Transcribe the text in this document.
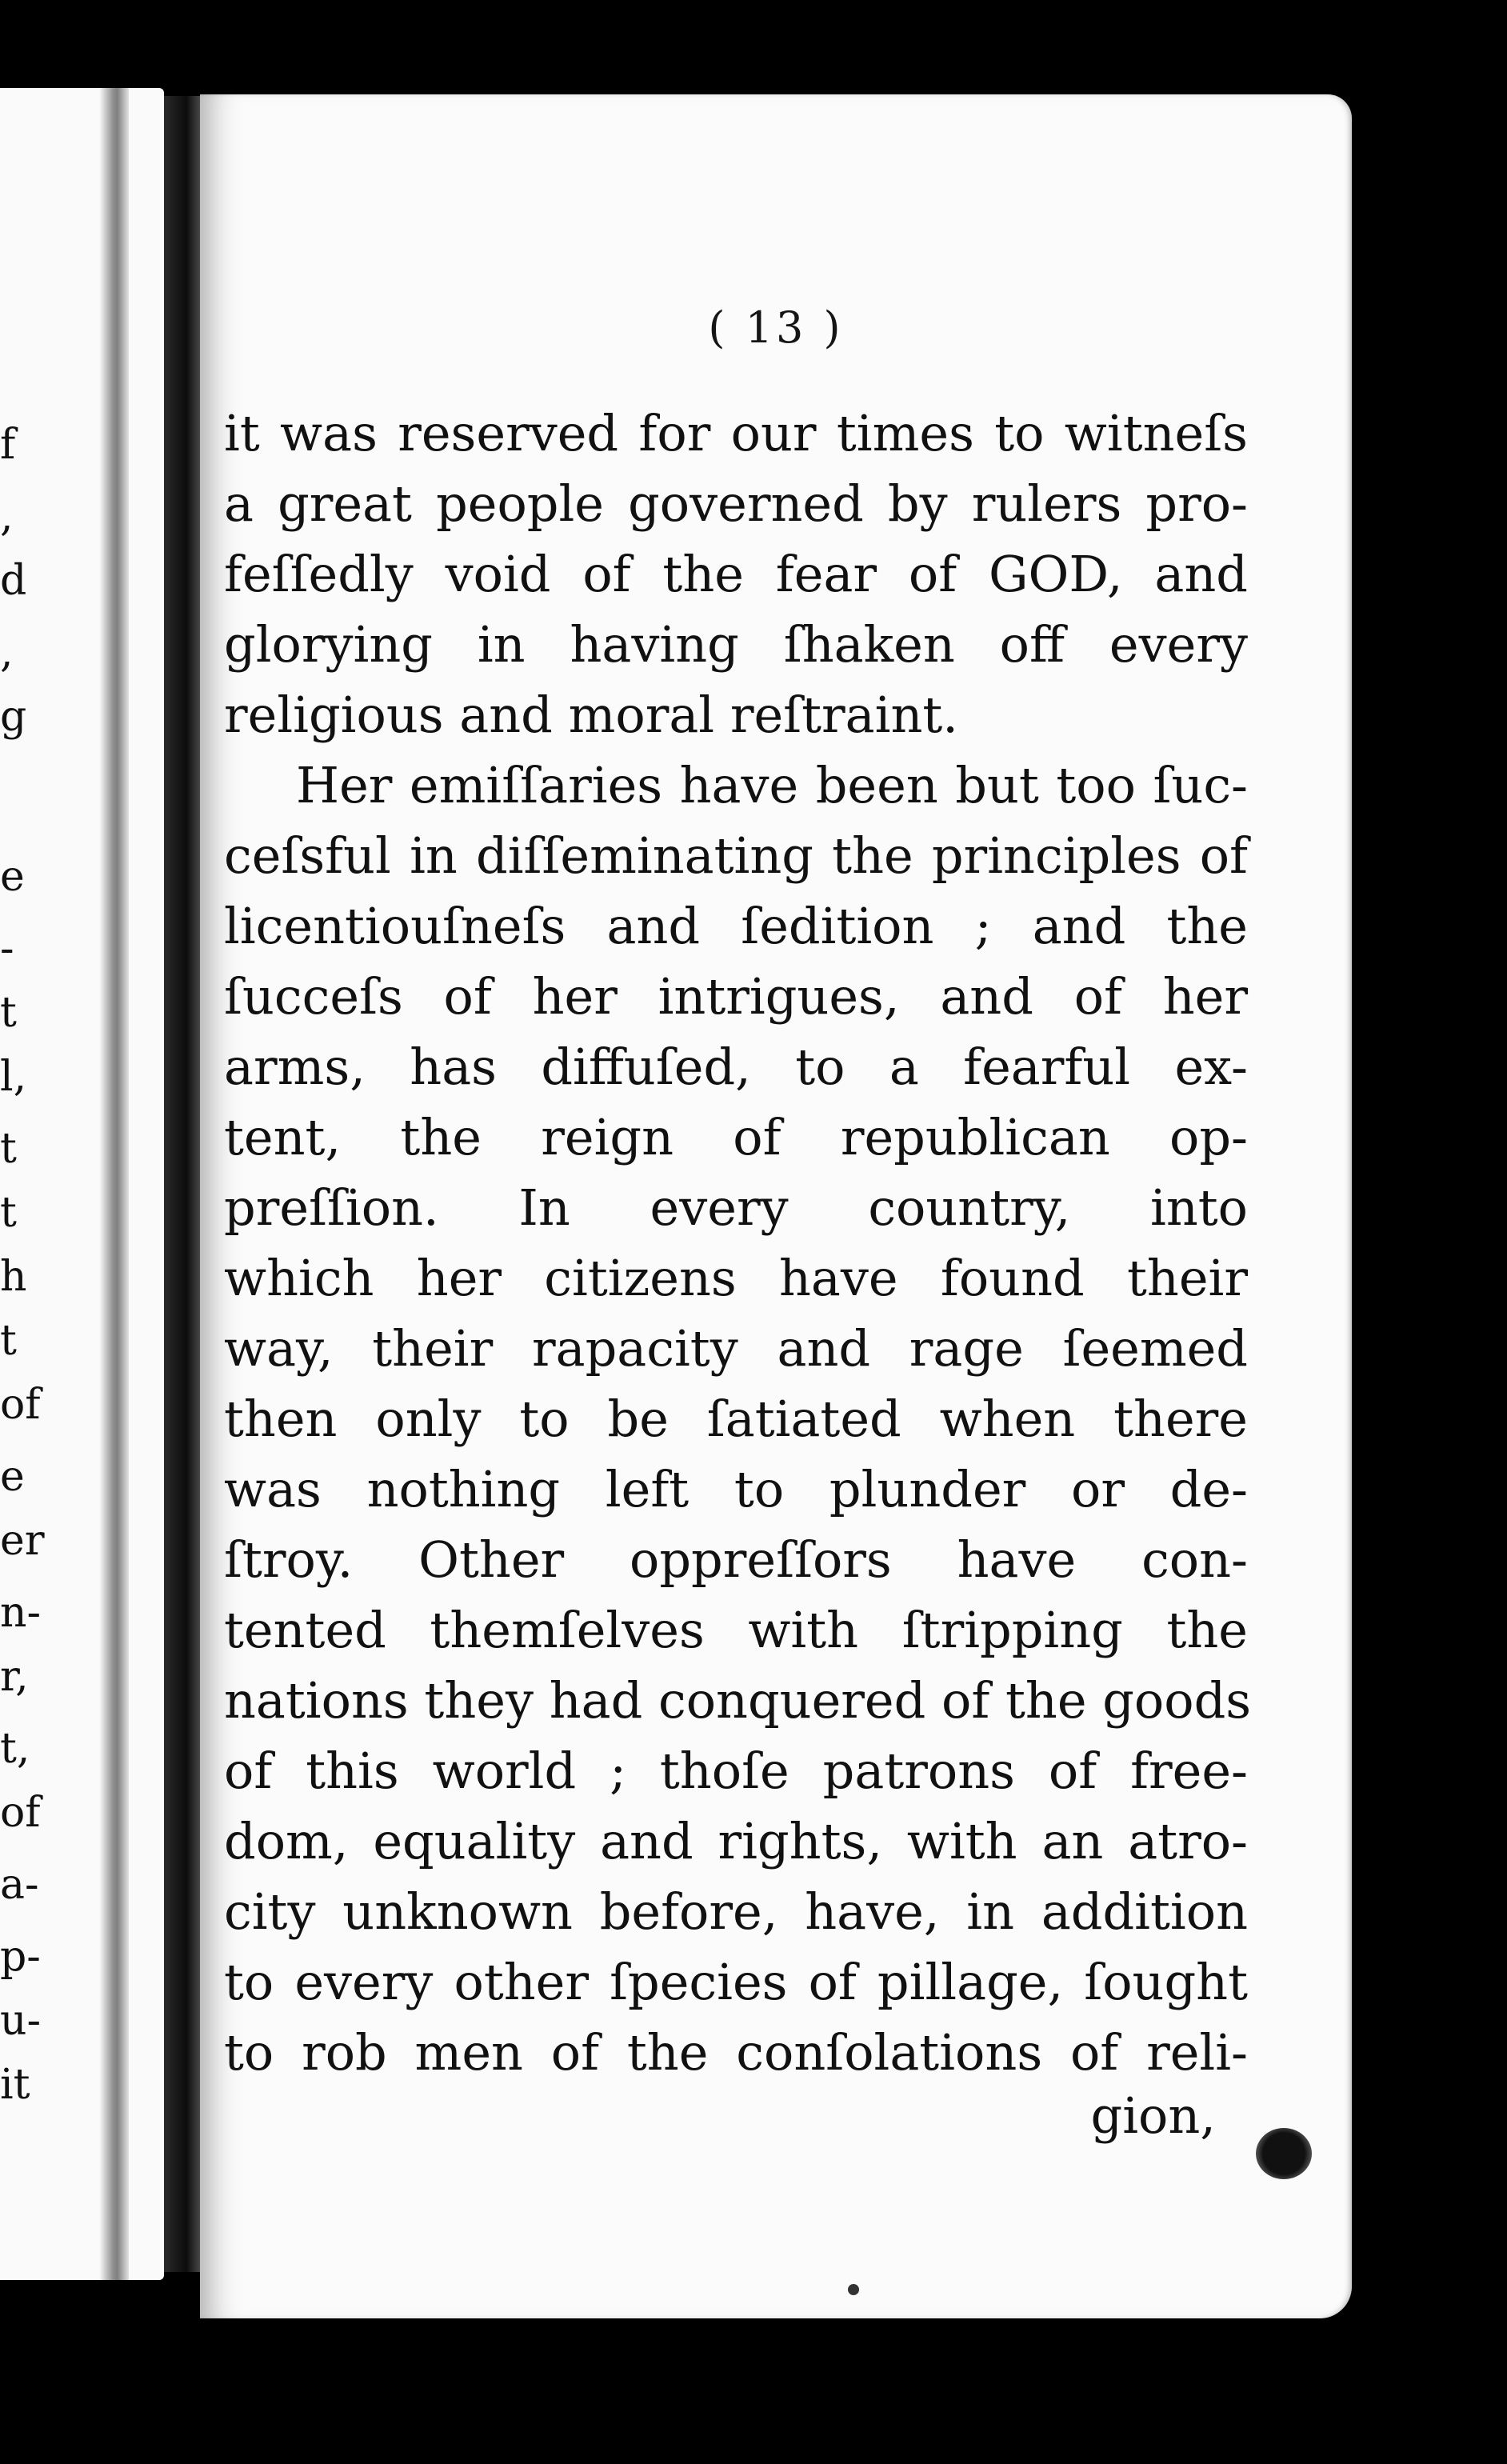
f
,
d
,
g
e
-
t
l,
t
t
h
t
of
e
er
n-
r,
t,
of
a-
p-
u-
it
( 13 )
it was reserved for our times to witneſs
a great people governed by rulers pro-
feſſedly void of the fear of GOD, and
glorying in having ſhaken off every
religious and moral reſtraint.
Her emiſſaries have been but too ſuc-
ceſsful in diſſeminating the principles of
licentiouſneſs and ſedition ; and the
ſucceſs of her intrigues, and of her
arms, has diffuſed, to a fearful ex-
tent, the reign of republican op-
preſſion. In every country, into
which her citizens have found their
way, their rapacity and rage ſeemed
then only to be ſatiated when there
was nothing left to plunder or de-
ſtroy. Other oppreſſors have con-
tented themſelves with ſtripping the
nations they had conquered of the goods
of this world ; thoſe patrons of free-
dom, equality and rights, with an atro-
city unknown before, have, in addition
to every other ſpecies of pillage, ſought
to rob men of the conſolations of reli-
gion,
